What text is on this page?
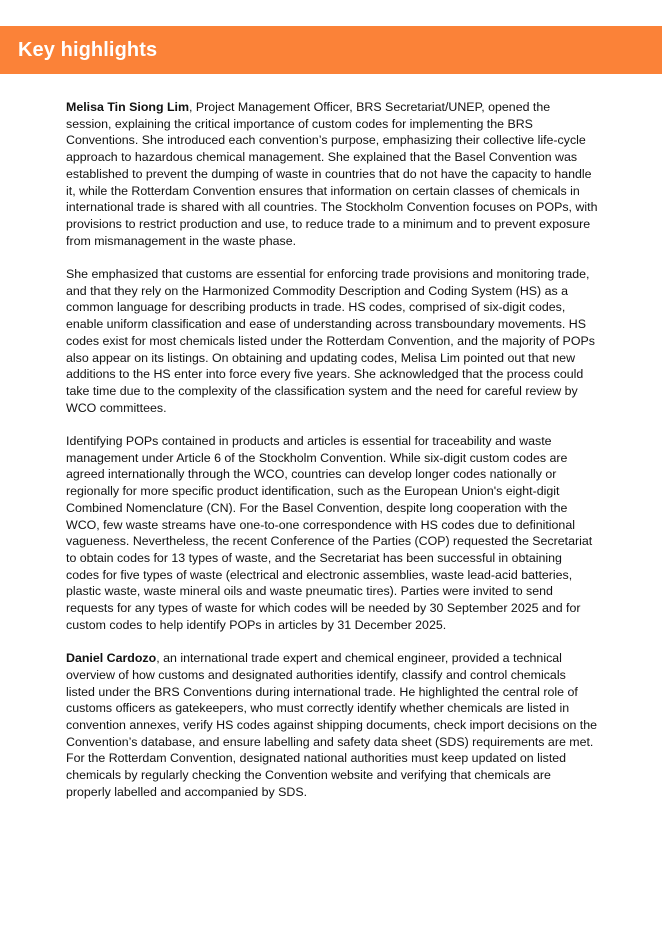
Key highlights

Melisa Tin Siong Lim, Project Management Officer, BRS Secretariat/UNEP, opened the session, explaining the critical importance of custom codes for implementing the BRS Conventions. She introduced each convention’s purpose, emphasizing their collective life-cycle approach to hazardous chemical management. She explained that the Basel Convention was established to prevent the dumping of waste in countries that do not have the capacity to handle it, while the Rotterdam Convention ensures that information on certain classes of chemicals in international trade is shared with all countries. The Stockholm Convention focuses on POPs, with provisions to restrict production and use, to reduce trade to a minimum and to prevent exposure from mismanagement in the waste phase.

She emphasized that customs are essential for enforcing trade provisions and monitoring trade, and that they rely on the Harmonized Commodity Description and Coding System (HS) as a common language for describing products in trade. HS codes, comprised of six-digit codes, enable uniform classification and ease of understanding across transboundary movements. HS codes exist for most chemicals listed under the Rotterdam Convention, and the majority of POPs also appear on its listings. On obtaining and updating codes, Melisa Lim pointed out that new additions to the HS enter into force every five years. She acknowledged that the process could take time due to the complexity of the classification system and the need for careful review by WCO committees.

Identifying POPs contained in products and articles is essential for traceability and waste management under Article 6 of the Stockholm Convention. While six-digit custom codes are agreed internationally through the WCO, countries can develop longer codes nationally or regionally for more specific product identification, such as the European Union's eight-digit Combined Nomenclature (CN). For the Basel Convention, despite long cooperation with the WCO, few waste streams have one-to-one correspondence with HS codes due to definitional vagueness. Nevertheless, the recent Conference of the Parties (COP) requested the Secretariat to obtain codes for 13 types of waste, and the Secretariat has been successful in obtaining codes for five types of waste (electrical and electronic assemblies, waste lead-acid batteries, plastic waste, waste mineral oils and waste pneumatic tires). Parties were invited to send requests for any types of waste for which codes will be needed by 30 September 2025 and for custom codes to help identify POPs in articles by 31 December 2025.

Daniel Cardozo, an international trade expert and chemical engineer, provided a technical overview of how customs and designated authorities identify, classify and control chemicals listed under the BRS Conventions during international trade. He highlighted the central role of customs officers as gatekeepers, who must correctly identify whether chemicals are listed in convention annexes, verify HS codes against shipping documents, check import decisions on the Convention’s database, and ensure labelling and safety data sheet (SDS) requirements are met. For the Rotterdam Convention, designated national authorities must keep updated on listed chemicals by regularly checking the Convention website and verifying that chemicals are properly labelled and accompanied by SDS.
